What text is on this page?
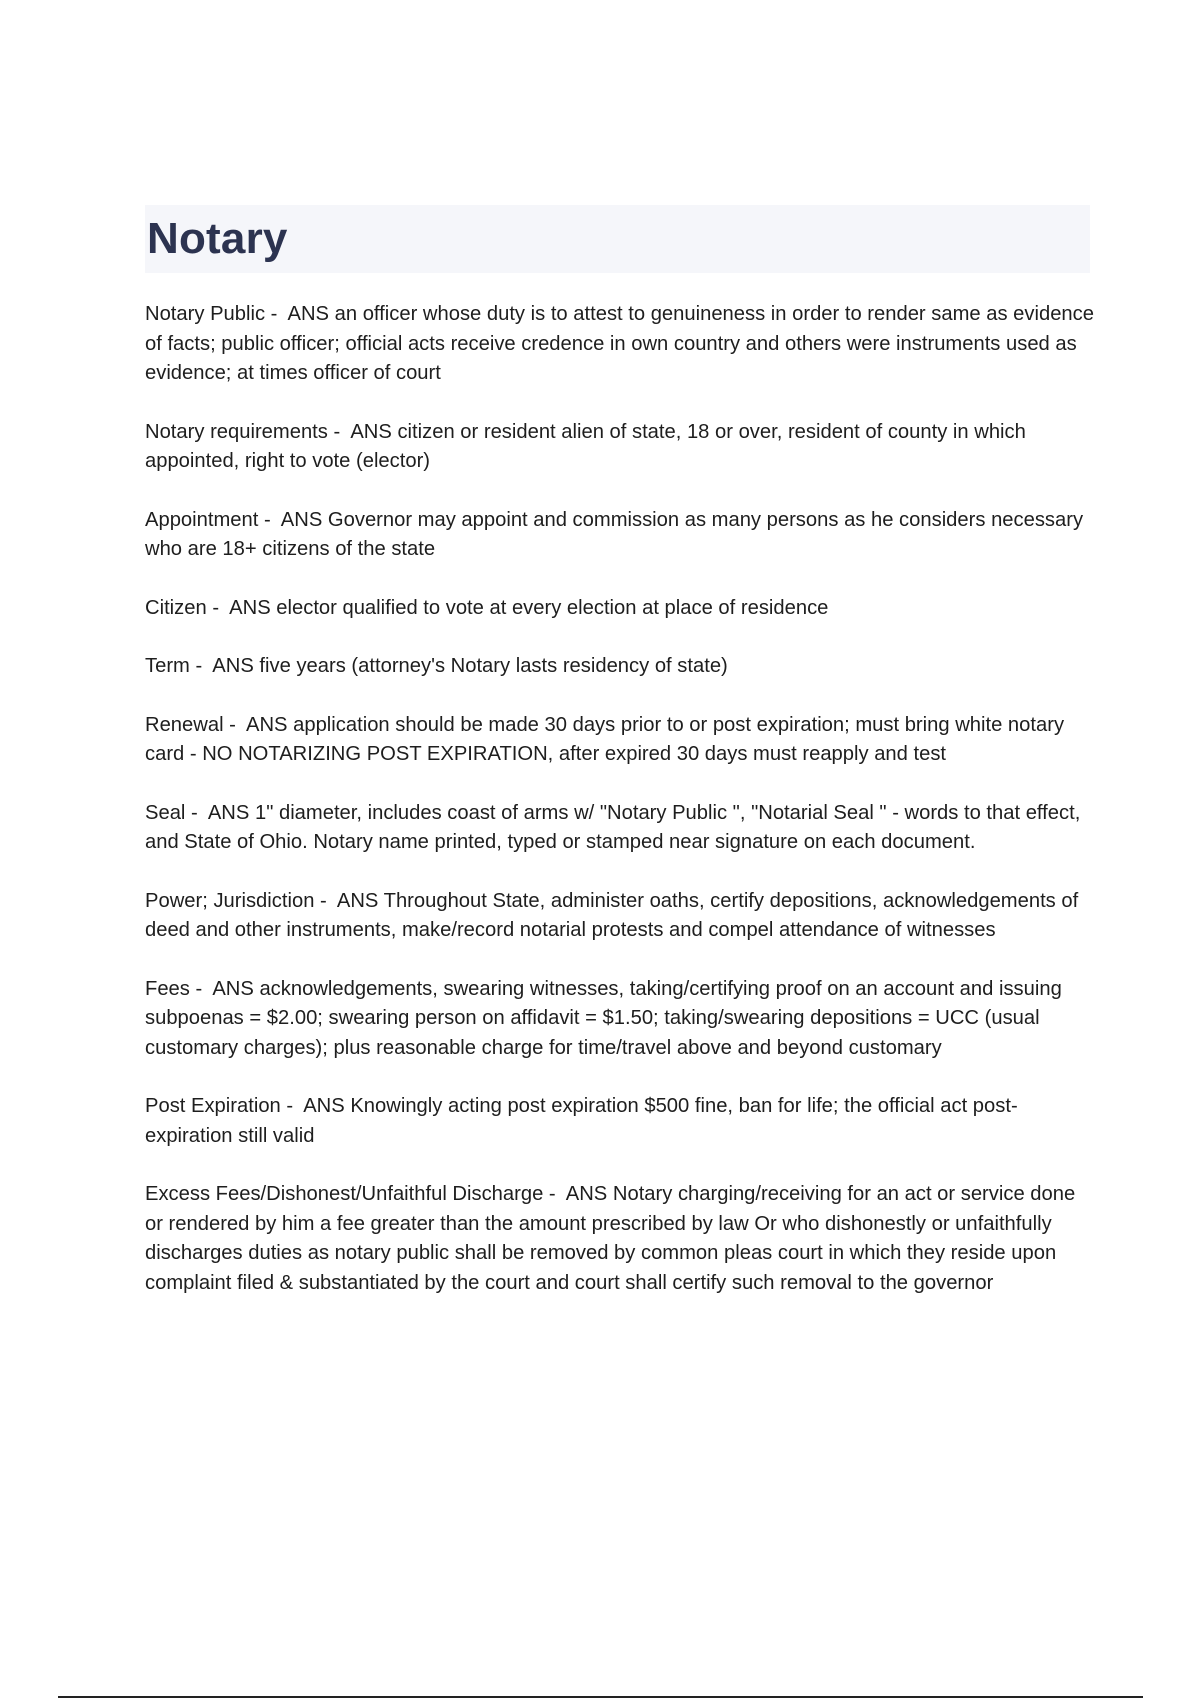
Notary

Notary Public -  ANS an officer whose duty is to attest to genuineness in order to render same as evidence of facts; public officer; official acts receive credence in own country and others were instruments used as evidence; at times officer of court

Notary requirements -  ANS citizen or resident alien of state, 18 or over, resident of county in which appointed, right to vote (elector)

Appointment -  ANS Governor may appoint and commission as many persons as he considers necessary who are 18+ citizens of the state

Citizen -  ANS elector qualified to vote at every election at place of residence

Term -  ANS five years (attorney's Notary lasts residency of state)

Renewal -  ANS application should be made 30 days prior to or post expiration; must bring white notary card - NO NOTARIZING POST EXPIRATION, after expired 30 days must reapply and test

Seal -  ANS 1" diameter, includes coast of arms w/ "Notary Public ", "Notarial Seal " - words to that effect, and State of Ohio. Notary name printed, typed or stamped near signature on each document.

Power; Jurisdiction -  ANS Throughout State, administer oaths, certify depositions, acknowledgements of deed and other instruments, make/record notarial protests and compel attendance of witnesses

Fees -  ANS acknowledgements, swearing witnesses, taking/certifying proof on an account and issuing subpoenas = $2.00; swearing person on affidavit = $1.50; taking/swearing depositions = UCC (usual customary charges); plus reasonable charge for time/travel above and beyond customary

Post Expiration -  ANS Knowingly acting post expiration $500 fine, ban for life; the official act post-expiration still valid

Excess Fees/Dishonest/Unfaithful Discharge -  ANS Notary charging/receiving for an act or service done or rendered by him a fee greater than the amount prescribed by law Or who dishonestly or unfaithfully discharges duties as notary public shall be removed by common pleas court in which they reside upon complaint filed & substantiated by the court and court shall certify such removal to the governor
